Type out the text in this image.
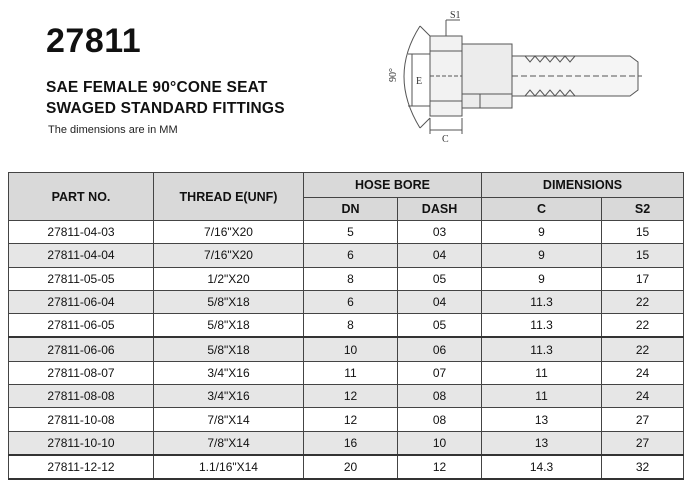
27811

SAE FEMALE 90°CONE SEAT

SWAGED STANDARD FITTINGS

The dimensions are in MM

S1
90° E
C
PART NO.	THREAD E(UNF)	HOSE BORE		DIMENSIONS	
		DN	DASH	C	S2
27811-04-03	7/16"X20	5	03	9	15
27811-04-04	7/16"X20	6	04	9	15
27811-05-05	1/2"X20	8	05	9	17
27811-06-04	5/8"X18	6	04	11.3	22
27811-06-05	5/8"X18	8	05	11.3	22
27811-06-06	5/8"X18	10	06	11.3	22
27811-08-07	3/4"X16	11	07	11	24
27811-08-08	3/4"X16	12	08	11	24
27811-10-08	7/8"X14	12	08	13	27
27811-10-10	7/8"X14	16	10	13	27
27811-12-12	1.1/16"X14	20	12	14.3	32
